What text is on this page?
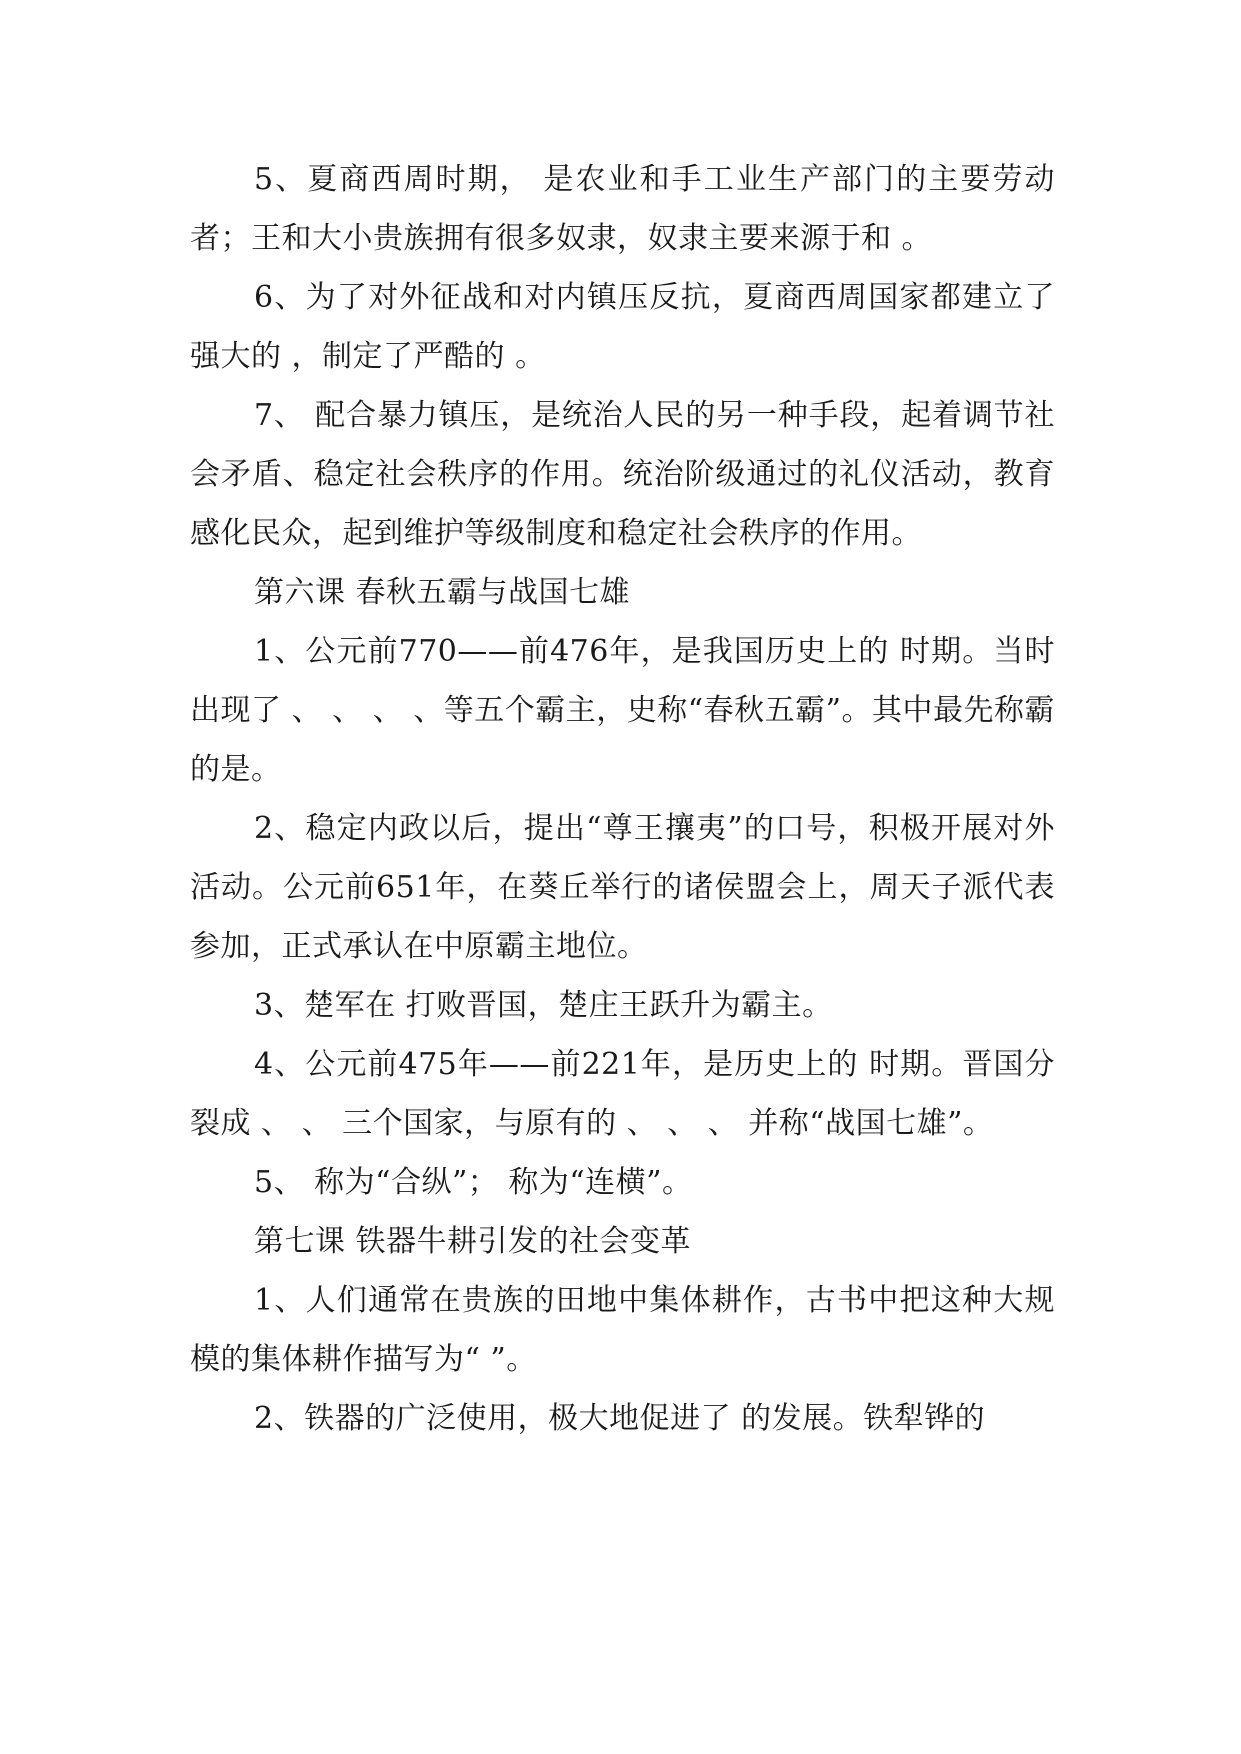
5、夏商西周时期， 是农业和手工业生产部门的主要劳动者；王和大小贵族拥有很多奴隶，奴隶主要来源于和 。

6、为了对外征战和对内镇压反抗，夏商西周国家都建立了强大的 ，制定了严酷的 。

7、 配合暴力镇压，是统治人民的另一种手段，起着调节社会矛盾、稳定社会秩序的作用。统治阶级通过的礼仪活动，教育感化民众，起到维护等级制度和稳定社会秩序的作用。

第六课 春秋五霸与战国七雄

1、公元前770——前476年，是我国历史上的 时期。当时出现了 、 、 、 、等五个霸主，史称“春秋五霸”。其中最先称霸的是。

2、稳定内政以后，提出“尊王攘夷”的口号，积极开展对外活动。公元前651年，在葵丘举行的诸侯盟会上，周天子派代表参加，正式承认在中原霸主地位。

3、楚军在 打败晋国，楚庄王跃升为霸主。

4、公元前475年——前221年，是历史上的 时期。晋国分裂成 、 、 三个国家，与原有的 、 、 、 并称“战国七雄”。

5、 称为“合纵”； 称为“连横”。

第七课 铁器牛耕引发的社会变革

1、人们通常在贵族的田地中集体耕作，古书中把这种大规模的集体耕作描写为“ ”。

2、铁器的广泛使用，极大地促进了 的发展。铁犁铧的
